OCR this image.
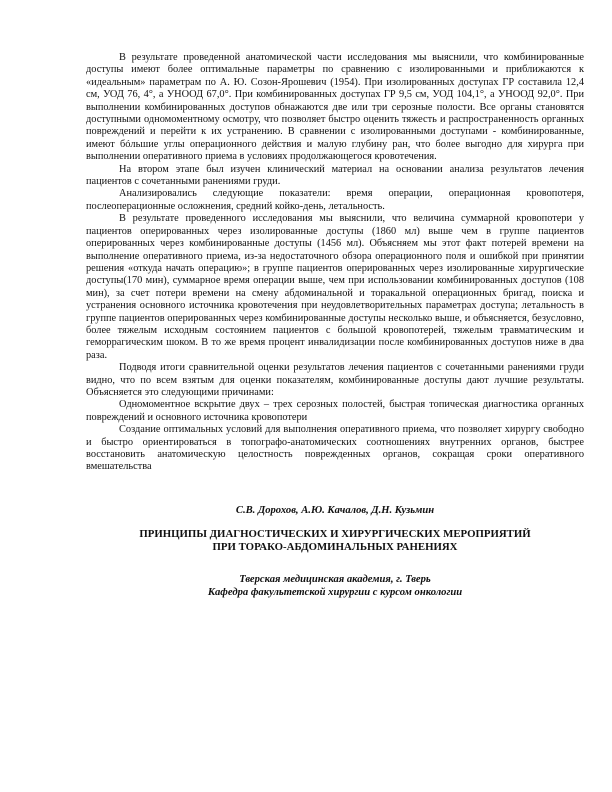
В результате проведенной анатомической части исследования мы выяснили, что комбинированные доступы имеют более оптимальные параметры по сравнению с изолированными и приближаются к «идеальным» параметрам по А. Ю. Созон-Ярошевич (1954). При изолированных доступах ГР составила 12,4 см, УОД 76, 4°, а УНООД 67,0°. При комбинированных доступах ГР 9,5 см, УОД 104,1°, а УНООД 92,0°. При выполнении комбинированных доступов обнажаются две или три серозные полости. Все органы становятся доступными одномоментному осмотру, что позволяет быстро оценить тяжесть и распространенность органных повреждений и перейти к их устранению. В сравнении с изолированными доступами - комбинированные, имеют бóльшие углы операционного действия и малую глубину ран, что более выгодно для хирурга при выполнении оперативного приема в условиях продолжающегося кровотечения.

На втором этапе был изучен клинический материал на основании анализа результатов лечения пациентов с сочетанными ранениями груди.

Анализировались следующие показатели: время операции, операционная кровопотеря, послеоперационные осложнения, средний койко-день, летальность.

В результате проведенного исследования мы выяснили, что величина суммарной кровопотери у пациентов оперированных через изолированные доступы (1860 мл) выше чем в группе пациентов оперированных через комбинированные доступы (1456 мл). Объясняем мы этот факт потерей времени на выполнение оперативного приема, из-за недостаточного обзора операционного поля и ошибкой при принятии решения «откуда начать операцию»; в группе пациентов оперированных через изолированные хирургические доступы(170 мин), суммарное время операции выше, чем при использовании комбинированных доступов (108 мин), за счет потери времени на смену абдоминальной и торакальной операционных бригад, поиска и устранения основного источника кровотечения при неудовлетворительных параметрах доступа; летальность в группе пациентов оперированных через комбинированные доступы несколько выше, и объясняется, безусловно, более тяжелым исходным состоянием пациентов с большой кровопотерей, тяжелым травматическим и геморрагическим шоком. В то же время процент инвалидизации после комбинированных доступов ниже в два раза.

Подводя итоги сравнительной оценки результатов лечения пациентов с сочетанными ранениями груди видно, что по всем взятым для оценки показателям, комбинированные доступы дают лучшие результаты. Объясняется это следующими причинами:

Одномоментное вскрытие двух – трех серозных полостей, быстрая топическая диагностика органных повреждений и основного источника кровопотери

Создание оптимальных условий для выполнения оперативного приема, что позволяет хирургу свободно и быстро ориентироваться в топографо-анатомических соотношениях внутренних органов, быстрее восстановить анатомическую целостность поврежденных органов, сокращая сроки оперативного вмешательства

С.В. Дорохов, А.Ю. Качалов, Д.Н. Кузьмин

ПРИНЦИПЫ ДИАГНОСТИЧЕСКИХ И ХИРУРГИЧЕСКИХ МЕРОПРИЯТИЙ
ПРИ ТОРАКО-АБДОМИНАЛЬНЫХ РАНЕНИЯХ
Тверская медицинская академия, г. Тверь
Кафедра факультетской хирургии с курсом онкологии
